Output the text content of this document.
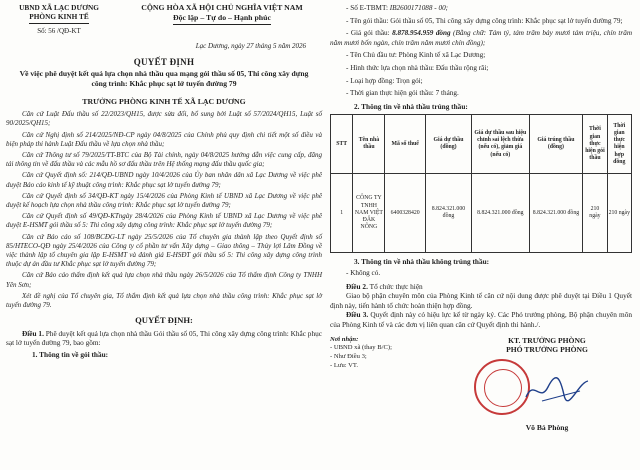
UBND XÃ LẠC DƯƠNG
PHÒNG KINH TẾ
Số: 56 /QĐ-KT
CỘNG HÒA XÃ HỘI CHỦ NGHĨA VIỆT NAM
Độc lập – Tự do – Hạnh phúc
Lạc Dương, ngày 27 tháng 5 năm 2026
QUYẾT ĐỊNH
Về việc phê duyệt kết quả lựa chọn nhà thầu qua mạng gói thầu số 05, Thi công xây dựng công trình: Khắc phục sạt lở tuyến đường 79
TRƯỞNG PHÒNG KINH TẾ XÃ LẠC DƯƠNG

Căn cứ Luật Đấu thầu số 22/2023/QH15, được sửa đổi, bổ sung bởi Luật số 57/2024/QH15, Luật số 90/2025/QH15;

Căn cứ Nghị định số 214/2025/NĐ-CP ngày 04/8/2025 của Chính phủ quy định chi tiết một số điều và biện pháp thi hành Luật Đấu thầu về lựa chọn nhà thầu;

Căn cứ Thông tư số 79/2025/TT-BTC của Bộ Tài chính, ngày 04/8/2025 hướng dẫn việc cung cấp, đăng tải thông tin về đấu thầu và các mẫu hồ sơ đấu thầu trên Hệ thống mạng đấu thầu quốc gia;

Căn cứ Quyết định số: 214/QĐ-UBND ngày 10/4/2026 của Ủy ban nhân dân xã Lạc Dương về việc phê duyệt Báo cáo kinh tế kỹ thuật công trình: Khắc phục sạt lở tuyến đường 79;

Căn cứ Quyết định số 34/QĐ-KT ngày 15/4/2026 của Phòng Kinh tế UBND xã Lạc Dương về việc phê duyệt kế hoạch lựa chọn nhà thầu công trình: Khắc phục sạt lở tuyến đường 79;

Căn cứ Quyết định số 49/QĐ-KTngày 28/4/2026 của Phòng Kinh tế UBND xã Lạc Dương về việc phê duyệt E-HSMT gói thầu số 5: Thi công xây dựng công trình: Khắc phục sạt lở tuyến đường 79;

Căn cứ Báo cáo số 108/BCĐG-LT ngày 25/5/2026 của Tổ chuyên gia thành lập theo Quyết định số 85/HTECO-QĐ ngày 25/4/2026 của Công ty cổ phần tư vấn Xây dựng – Giao thông – Thủy lợi Lâm Đồng về việc thành lập tổ chuyên gia lập E-HSMT và đánh giá E-HSĐT gói thầu số 5: Thi công xây dựng công trình thuộc dự án đầu tư Khắc phục sạt lở tuyến đường 79;

Căn cứ Báo cáo thẩm định kết quả lựa chọn nhà thầu ngày 26/5/2026 của Tổ thẩm định Công ty TNHH Yên Sơn;

Xét đề nghị của Tổ chuyên gia, Tổ thẩm định kết quả lựa chọn nhà thầu công trình: Khắc phục sạt lở tuyến đường 79.

QUYẾT ĐỊNH:

Điều 1. Phê duyệt kết quả lựa chọn nhà thầu Gói thầu số 05, Thi công xây dựng công trình: Khắc phục sạt lở tuyến đường 79, bao gồm:

1. Thông tin về gói thầu:

- Số E-TBMT: IB2600171088 - 00;

- Tên gói thầu: Gói thầu số 05, Thi công xây dựng công trình: Khắc phục sạt lở tuyến đường 79;

- Giá gói thầu: 8.878.954.959 đồng (Bằng chữ: Tám tỷ, tám trăm bảy mươi tám triệu, chín trăm năm mươi bốn ngàn, chín trăm năm mươi chín đồng);

- Tên Chủ đầu tư: Phòng Kinh tế xã Lạc Dương;

- Hình thức lựa chọn nhà thầu: Đấu thầu rộng rãi;

- Loại hợp đồng: Trọn gói;

- Thời gian thực hiện gói thầu: 7 tháng.

2. Thông tin về nhà thầu trúng thầu:
STT	Tên nhà thầu	Mã số thuế	Giá dự thầu (đồng)	Giá dự thầu sau hiệu chỉnh sai lệch thừa (nếu có), giảm giá (nếu có)	Giá trúng thầu (đồng)	Thời gian thực hiện gói thầu	Thời gian thực hiện hợp đồng
1	CÔNG TY TNHH NAM VIỆT ĐẮK NÔNG	6400328420	8.824.321.000 đồng	8.824.321.000 đồng	8.824.321.000 đồng	210 ngày	210 ngày
3. Thông tin về nhà thầu không trúng thầu:

- Không có.

Điều 2. Tổ chức thực hiện

Giao bộ phận chuyên môn của Phòng Kinh tế căn cứ nội dung được phê duyệt tại Điều 1 Quyết định này, tiến hành tổ chức hoàn thiện hợp đồng.

Điều 3. Quyết định này có hiệu lực kể từ ngày ký. Các Phó trưởng phòng, Bộ phận chuyên môn của Phòng Kinh tế và các đơn vị liên quan căn cứ Quyết định thi hành./.

Nơi nhận:
- UBND xã (thay B/C);
- Như Điều 3;
- Lưu: VT.
KT. TRƯỞNG PHÒNG
PHÓ TRƯỞNG PHÒNG
Võ Bá Phòng
